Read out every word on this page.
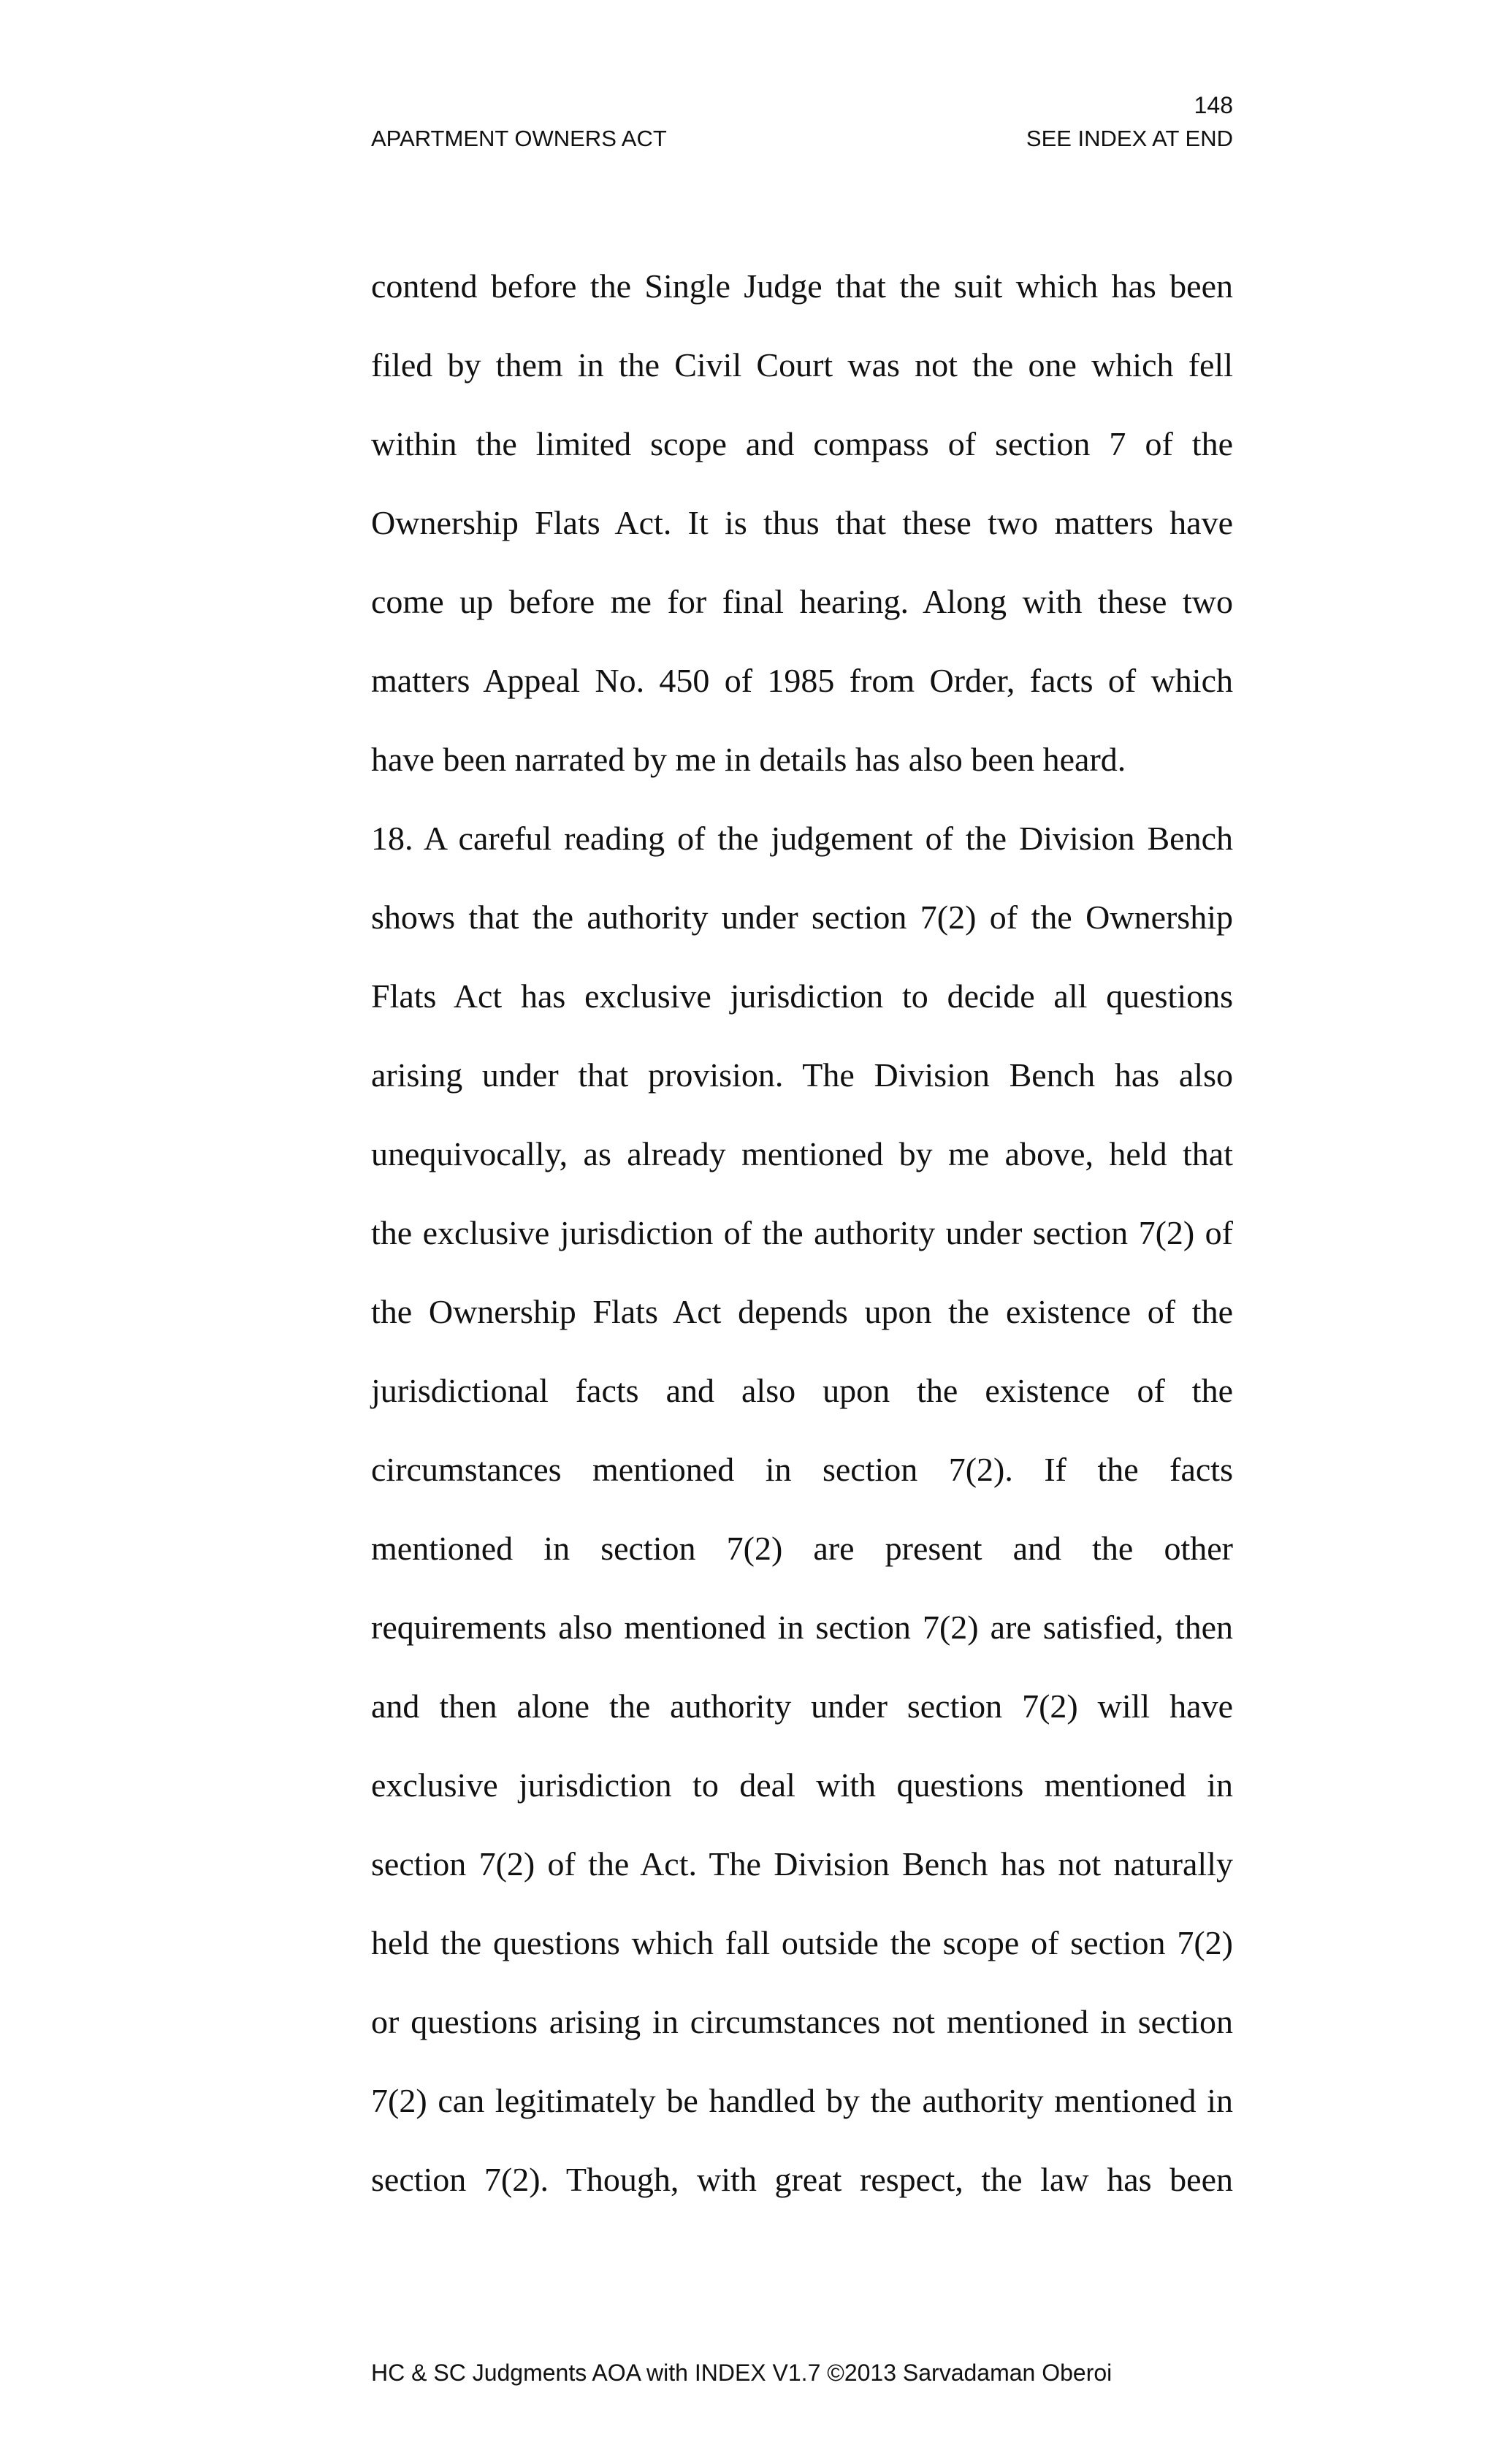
148
APARTMENT OWNERS ACT	SEE INDEX AT END
contend before the Single Judge that the suit which has been
filed by them in the Civil Court was not the one which fell
within the limited scope and compass of section 7 of the
Ownership Flats Act. It is thus that these two matters have
come up before me for final hearing. Along with these two
matters Appeal No. 450 of 1985 from Order, facts of which
have been narrated by me in details has also been heard.
18. A careful reading of the judgement of the Division Bench
shows that the authority under section 7(2) of the Ownership
Flats Act has exclusive jurisdiction to decide all questions
arising under that provision. The Division Bench has also
unequivocally, as already mentioned by me above, held that
the exclusive jurisdiction of the authority under section 7(2) of
the Ownership Flats Act depends upon the existence of the
jurisdictional facts and also upon the existence of the
circumstances mentioned in section 7(2). If the facts
mentioned in section 7(2) are present and the other
requirements also mentioned in section 7(2) are satisfied, then
and then alone the authority under section 7(2) will have
exclusive jurisdiction to deal with questions mentioned in
section 7(2) of the Act. The Division Bench has not naturally
held the questions which fall outside the scope of section 7(2)
or questions arising in circumstances not mentioned in section
7(2) can legitimately be handled by the authority mentioned in
section 7(2). Though, with great respect, the law has been
HC & SC Judgments AOA with INDEX V1.7 ©2013 Sarvadaman Oberoi
